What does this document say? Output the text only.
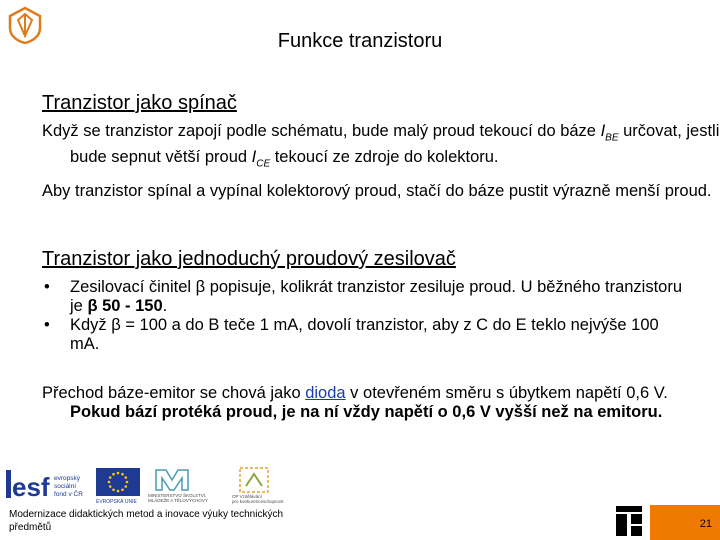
Funkce tranzistoru
Tranzistor jako spínač
Když se tranzistor zapojí podle schématu, bude malý proud tekoucí do báze $I_{BE}$ určovat, jestli bude sepnut větší proud $I_{CE}$ tekoucí ze zdroje do kolektoru.
Aby tranzistor spínal a vypínal kolektorový proud, stačí do báze pustit výrazně menší proud.
Tranzistor jako jednoduchý proudový zesilovač
• Zesilovací činitel β popisuje, kolikrát tranzistor zesiluje proud. U běžného tranzistoru je β 50 - 150.
• Když β = 100 a do B teče 1 mA, dovolí tranzistor, aby z C do E teklo nejvýše 100 mA.
Přechod báze-emitor se chová jako dioda v otevřeném směru s úbytkem napětí 0,6 V. Pokud bází protéká proud, je na ní vždy napětí o 0,6 V vyšší než na emitoru.
esf evropský
sociální
fond v ČR
EVROPSKÁ UNIE
MINISTERSTVO ŠKOLSTVÍ,
MLÁDEŽE A TĚLOVÝCHOVY
OP Vzdělávání
pro konkurenceschopnost
Modernizace didaktických metod a inovace výuky technických předmětů	21
